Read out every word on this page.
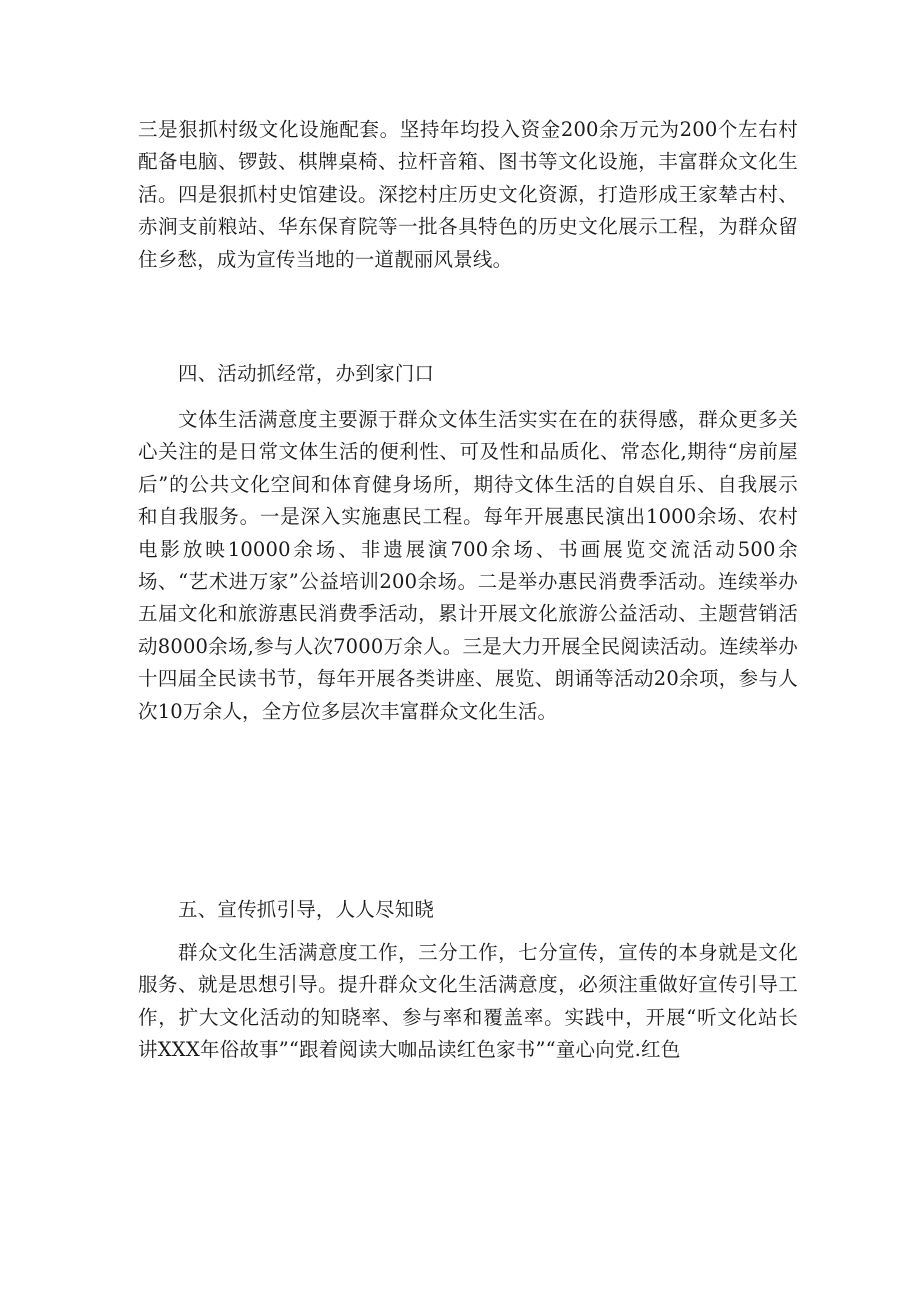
三是狠抓村级文化设施配套。坚持年均投入资金200余万元为200个左右村配备电脑、锣鼓、棋牌桌椅、拉杆音箱、图书等文化设施，丰富群众文化生活。四是狠抓村史馆建设。深挖村庄历史文化资源，打造形成王家辇古村、赤涧支前粮站、华东保育院等一批各具特色的历史文化展示工程，为群众留住乡愁，成为宣传当地的一道靓丽风景线。

四、活动抓经常，办到家门口

文体生活满意度主要源于群众文体生活实实在在的获得感，群众更多关心关注的是日常文体生活的便利性、可及性和品质化、常态化,期待“房前屋后”的公共文化空间和体育健身场所，期待文体生活的自娱自乐、自我展示和自我服务。一是深入实施惠民工程。每年开展惠民演出1000余场、农村电影放映10000余场、非遗展演700余场、书画展览交流活动500余场、“艺术进万家”公益培训200余场。二是举办惠民消费季活动。连续举办五届文化和旅游惠民消费季活动，累计开展文化旅游公益活动、主题营销活动8000余场,参与人次7000万余人。三是大力开展全民阅读活动。连续举办十四届全民读书节，每年开展各类讲座、展览、朗诵等活动20余项，参与人次10万余人，全方位多层次丰富群众文化生活。

五、宣传抓引导，人人尽知晓

群众文化生活满意度工作，三分工作，七分宣传，宣传的本身就是文化服务、就是思想引导。提升群众文化生活满意度，必须注重做好宣传引导工作，扩大文化活动的知晓率、参与率和覆盖率。实践中，开展“听文化站长讲XXX年俗故事”“跟着阅读大咖品读红色家书”“童心向党.红色
